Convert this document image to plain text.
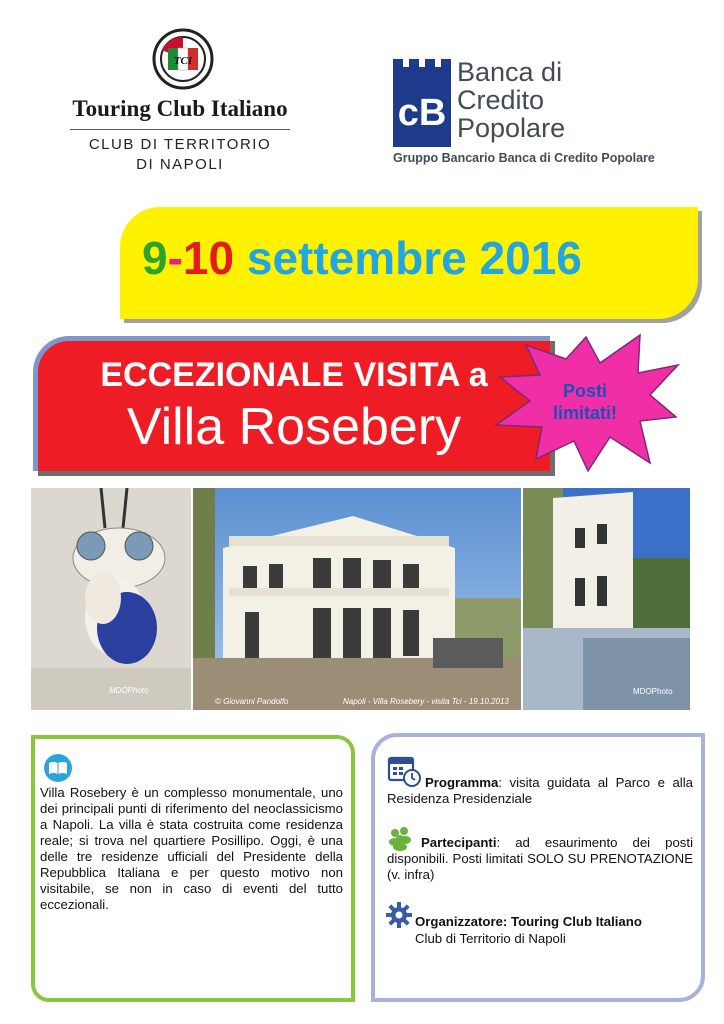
TCI
Touring Club Italiano
CLUB DI TERRITORIO
DI NAPOLI
cB
Banca di
Credito
Popolare
Gruppo Bancario Banca di Credito Popolare
9-10 settembre 2016
ECCEZIONALE VISITA a
Villa Rosebery
Posti
limitati!
MDOPhoto
© Giovanni Pandolfo	Napoli - Villa Rosebery - visita Tci - 19.10.2013
MDOPhoto
Villa Rosebery è un complesso monumentale, uno dei principali punti di riferimento del neoclassicismo a Napoli. La villa è stata costruita come residenza reale; si trova nel quartiere Posillipo. Oggi, è una delle tre residenze ufficiali del Presidente della Repubblica Italiana e per questo motivo non visitabile, se non in caso di eventi del tutto eccezionali.
Programma: visita guidata al Parco e alla Residenza Presidenziale
Partecipanti: ad esaurimento dei posti disponibili. Posti limitati SOLO SU PRENOTAZIONE (v. infra)
Organizzatore: Touring Club Italiano
Club di Territorio di Napoli
